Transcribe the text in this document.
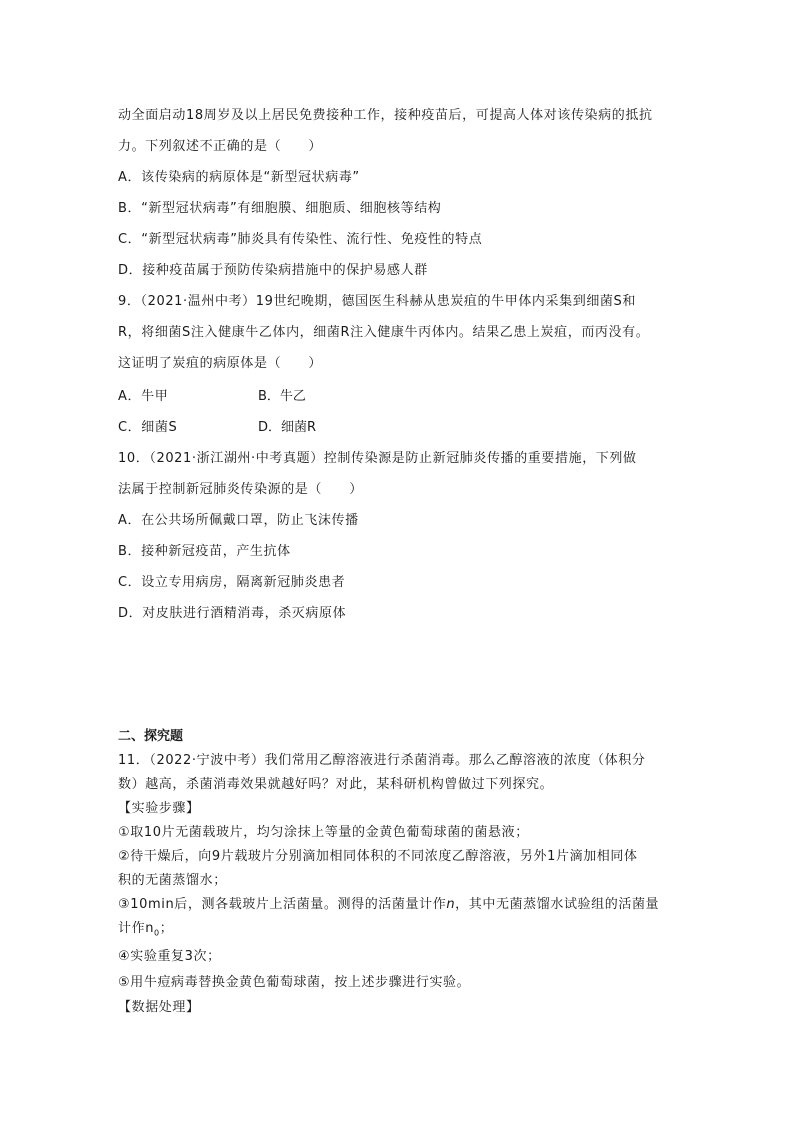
动全面启动18周岁及以上居民免费接种工作，接种疫苗后，可提高人体对该传染病的抵抗
力。下列叙述不正确的是（　　）
A．该传染病的病原体是“新型冠状病毒”
B．“新型冠状病毒”有细胞膜、细胞质、细胞核等结构
C．“新型冠状病毒”肺炎具有传染性、流行性、免疫性的特点
D．接种疫苗属于预防传染病措施中的保护易感人群
9．（2021·温州中考）19世纪晚期，德国医生科赫从患炭疽的牛甲体内采集到细菌S和
R，将细菌S注入健康牛乙体内，细菌R注入健康牛丙体内。结果乙患上炭疽，而丙没有。
这证明了炭疽的病原体是（　　）
A．牛甲	B．牛乙
C．细菌S	D．细菌R
10．（2021·浙江湖州·中考真题）控制传染源是防止新冠肺炎传播的重要措施，下列做
法属于控制新冠肺炎传染源的是（　　）
A．在公共场所佩戴口罩，防止飞沫传播
B．接种新冠疫苗，产生抗体
C．设立专用病房，隔离新冠肺炎患者
D．对皮肤进行酒精消毒，杀灭病原体
二、探究题
11．（2022·宁波中考）我们常用乙醇溶液进行杀菌消毒。那么乙醇溶液的浓度（体积分
数）越高，杀菌消毒效果就越好吗？对此，某科研机构曾做过下列探究。
【实验步骤】
①取10片无菌载玻片，均匀涂抹上等量的金黄色葡萄球菌的菌悬液；
②待干燥后，向9片载玻片分别滴加相同体积的不同浓度乙醇溶液，另外1片滴加相同体
积的无菌蒸馏水；
③10min后，测各载玻片上活菌量。测得的活菌量计作n，其中无菌蒸馏水试验组的活菌量
计作$n_0$；
④实验重复3次；
⑤用牛痘病毒替换金黄色葡萄球菌，按上述步骤进行实验。
【数据处理】
